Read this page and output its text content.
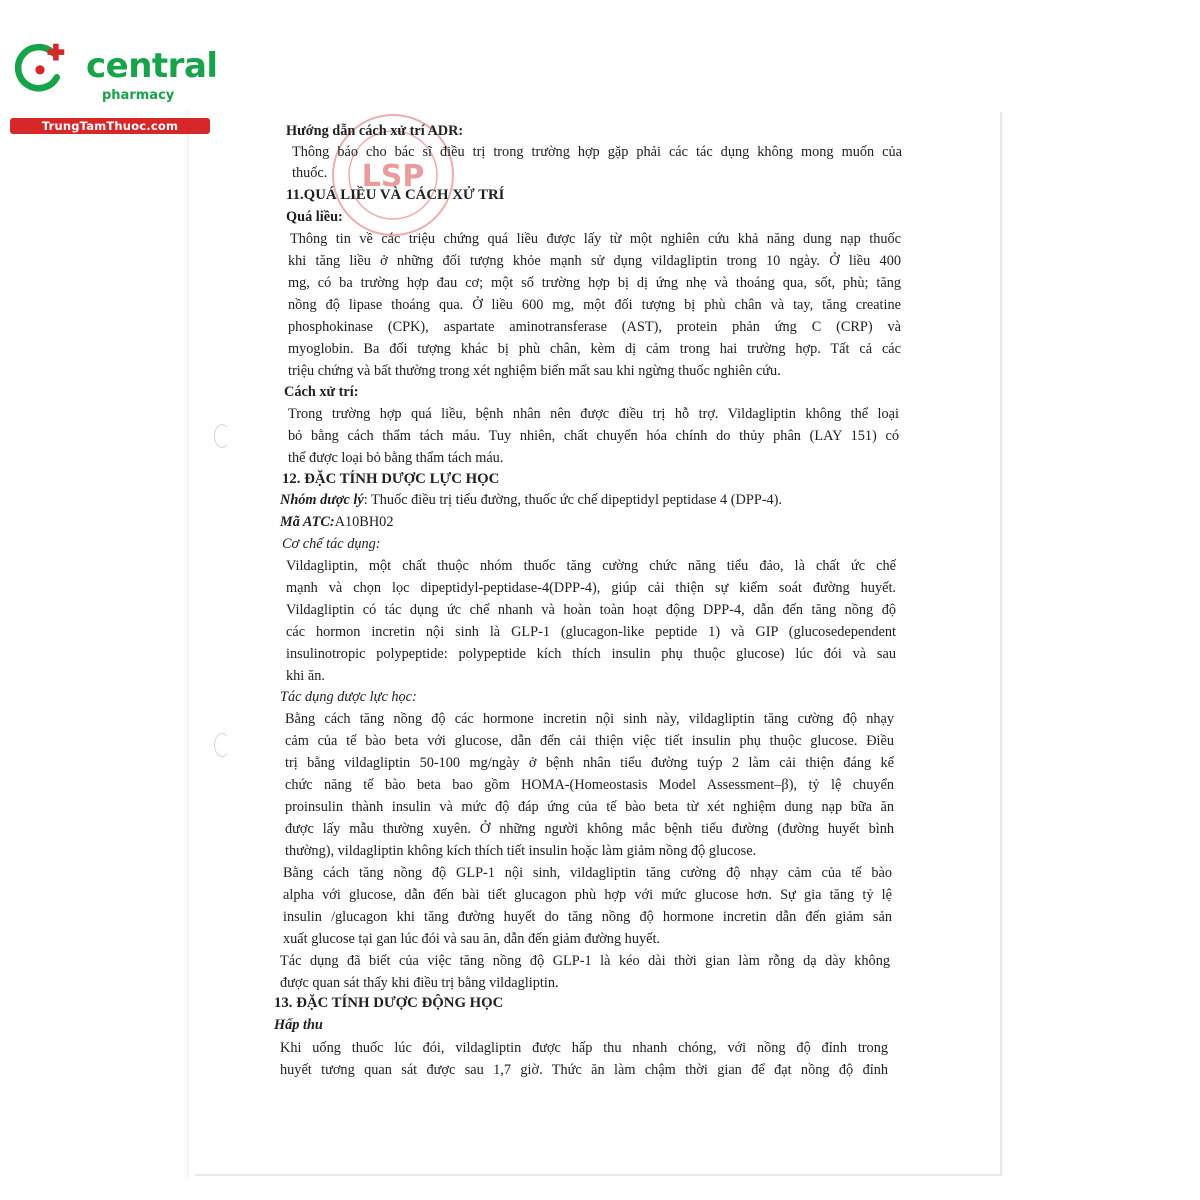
central
pharmacy
TrungTamThuoc.com
LSP
Hướng dẫn cách xử trí ADR:
Thông báo cho bác sĩ điều trị trong trường hợp gặp phải các tác dụng không mong muốn của
thuốc.
11.QUÁ LIỀU VÀ CÁCH XỬ TRÍ
Quá liều:
Thông tin về các triệu chứng quá liều được lấy từ một nghiên cứu khả năng dung nạp thuốc
khi tăng liều ở những đối tượng khỏe mạnh sử dụng vildagliptin trong 10 ngày. Ở liều 400
mg, có ba trường hợp đau cơ; một số trường hợp bị dị ứng nhẹ và thoáng qua, sốt, phù; tăng
nồng độ lipase thoáng qua. Ở liều 600 mg, một đối tượng bị phù chân và tay, tăng creatine
phosphokinase (CPK), aspartate aminotransferase (AST), protein phản ứng C (CRP) và
myoglobin. Ba đối tượng khác bị phù chân, kèm dị cảm trong hai trường hợp. Tất cả các
triệu chứng và bất thường trong xét nghiệm biến mất sau khi ngừng thuốc nghiên cứu.
Cách xử trí:
Trong trường hợp quá liều, bệnh nhân nên được điều trị hỗ trợ. Vildagliptin không thể loại
bỏ bằng cách thẩm tách máu. Tuy nhiên, chất chuyển hóa chính do thủy phân (LAY 151) có
thể được loại bỏ bằng thẩm tách máu.
12. ĐẶC TÍNH DƯỢC LỰC HỌC
Nhóm dược lý: Thuốc điều trị tiểu đường, thuốc ức chế dipeptidyl peptidase 4 (DPP-4).
Mã ATC:A10BH02
Cơ chế tác dụng:
Vildagliptin, một chất thuộc nhóm thuốc tăng cường chức năng tiểu đảo, là chất ức chế
mạnh và chọn lọc dipeptidyl-peptidase-4(DPP-4), giúp cải thiện sự kiểm soát đường huyết.
Vildagliptin có tác dụng ức chế nhanh và hoàn toàn hoạt động DPP-4, dẫn đến tăng nồng độ
các hormon incretin nội sinh là GLP-1 (glucagon-like peptide 1) và GIP (glucosedependent
insulinotropic polypeptide: polypeptide kích thích insulin phụ thuộc glucose) lúc đói và sau
khi ăn.
Tác dụng dược lực học:
Bằng cách tăng nồng độ các hormone incretin nội sinh này, vildagliptin tăng cường độ nhạy
cảm của tế bào beta với glucose, dẫn đến cải thiện việc tiết insulin phụ thuộc glucose. Điều
trị bằng vildagliptin 50-100 mg/ngày ở bệnh nhân tiểu đường tuýp 2 làm cải thiện đáng kể
chức năng tế bào beta bao gồm HOMA-(Homeostasis Model Assessment–β), tỷ lệ chuyển
proinsulin thành insulin và mức độ đáp ứng của tế bào beta từ xét nghiệm dung nạp bữa ăn
được lấy mẫu thường xuyên. Ở những người không mắc bệnh tiểu đường (đường huyết bình
thường), vildagliptin không kích thích tiết insulin hoặc làm giảm nồng độ glucose.
Bằng cách tăng nồng độ GLP-1 nội sinh, vildagliptin tăng cường độ nhạy cảm của tế bào
alpha với glucose, dẫn đến bài tiết glucagon phù hợp với mức glucose hơn. Sự gia tăng tỷ lệ
insulin /glucagon khi tăng đường huyết do tăng nồng độ hormone incretin dẫn đến giảm sản
xuất glucose tại gan lúc đói và sau ăn, dẫn đến giảm đường huyết.
Tác dụng đã biết của việc tăng nồng độ GLP-1 là kéo dài thời gian làm rỗng dạ dày không
được quan sát thấy khi điều trị bằng vildagliptin.
13. ĐẶC TÍNH DƯỢC ĐỘNG HỌC
Hấp thu
Khi uống thuốc lúc đói, vildagliptin được hấp thu nhanh chóng, với nồng độ đỉnh trong
huyết tương quan sát được sau 1,7 giờ. Thức ăn làm chậm thời gian để đạt nồng độ đỉnh
